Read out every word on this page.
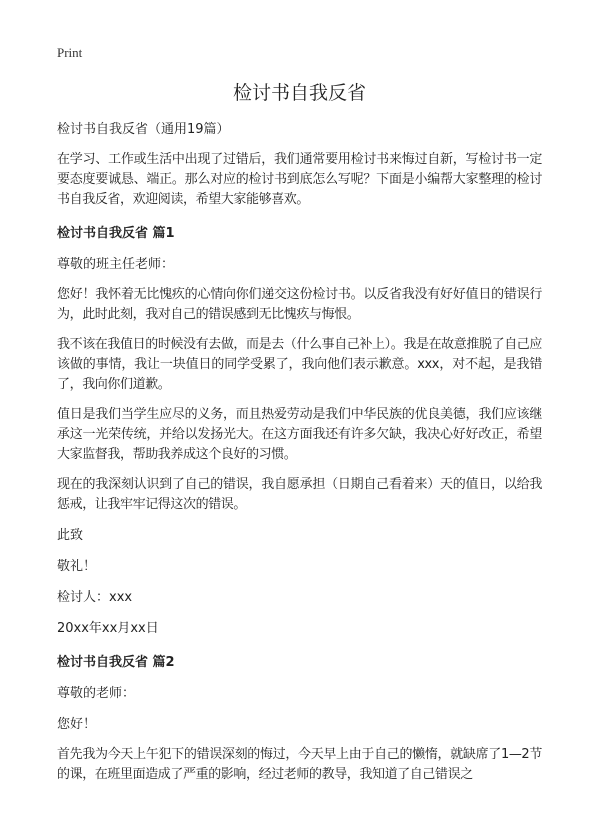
Print
检讨书自我反省
检讨书自我反省（通用19篇）

在学习、工作或生活中出现了过错后，我们通常要用检讨书来悔过自新，写检讨书一定要态度要诚恳、端正。那么对应的检讨书到底怎么写呢？下面是小编帮大家整理的检讨书自我反省，欢迎阅读，希望大家能够喜欢。

检讨书自我反省 篇1
尊敬的班主任老师：

您好！我怀着无比愧疚的心情向你们递交这份检讨书。以反省我没有好好值日的错误行为，此时此刻，我对自己的错误感到无比愧疚与悔恨。

我不该在我值日的时候没有去做，而是去（什么事自己补上）。我是在故意推脱了自己应该做的事情，我让一块值日的同学受累了，我向他们表示歉意。xxx，对不起，是我错了，我向你们道歉。

值日是我们当学生应尽的义务，而且热爱劳动是我们中华民族的优良美德，我们应该继承这一光荣传统，并给以发扬光大。在这方面我还有许多欠缺，我决心好好改正，希望大家监督我，帮助我养成这个良好的习惯。

现在的我深刻认识到了自己的错误，我自愿承担（日期自己看着来）天的值日，以给我惩戒，让我牢牢记得这次的错误。

此致
敬礼！
检讨人：xxx
20xx年xx月xx日
检讨书自我反省 篇2
尊敬的老师：
您好！

首先我为今天上午犯下的错误深刻的悔过，今天早上由于自己的懒惰，就缺席了1—2节的课，在班里面造成了严重的影响，经过老师的教导，我知道了自己错误之
